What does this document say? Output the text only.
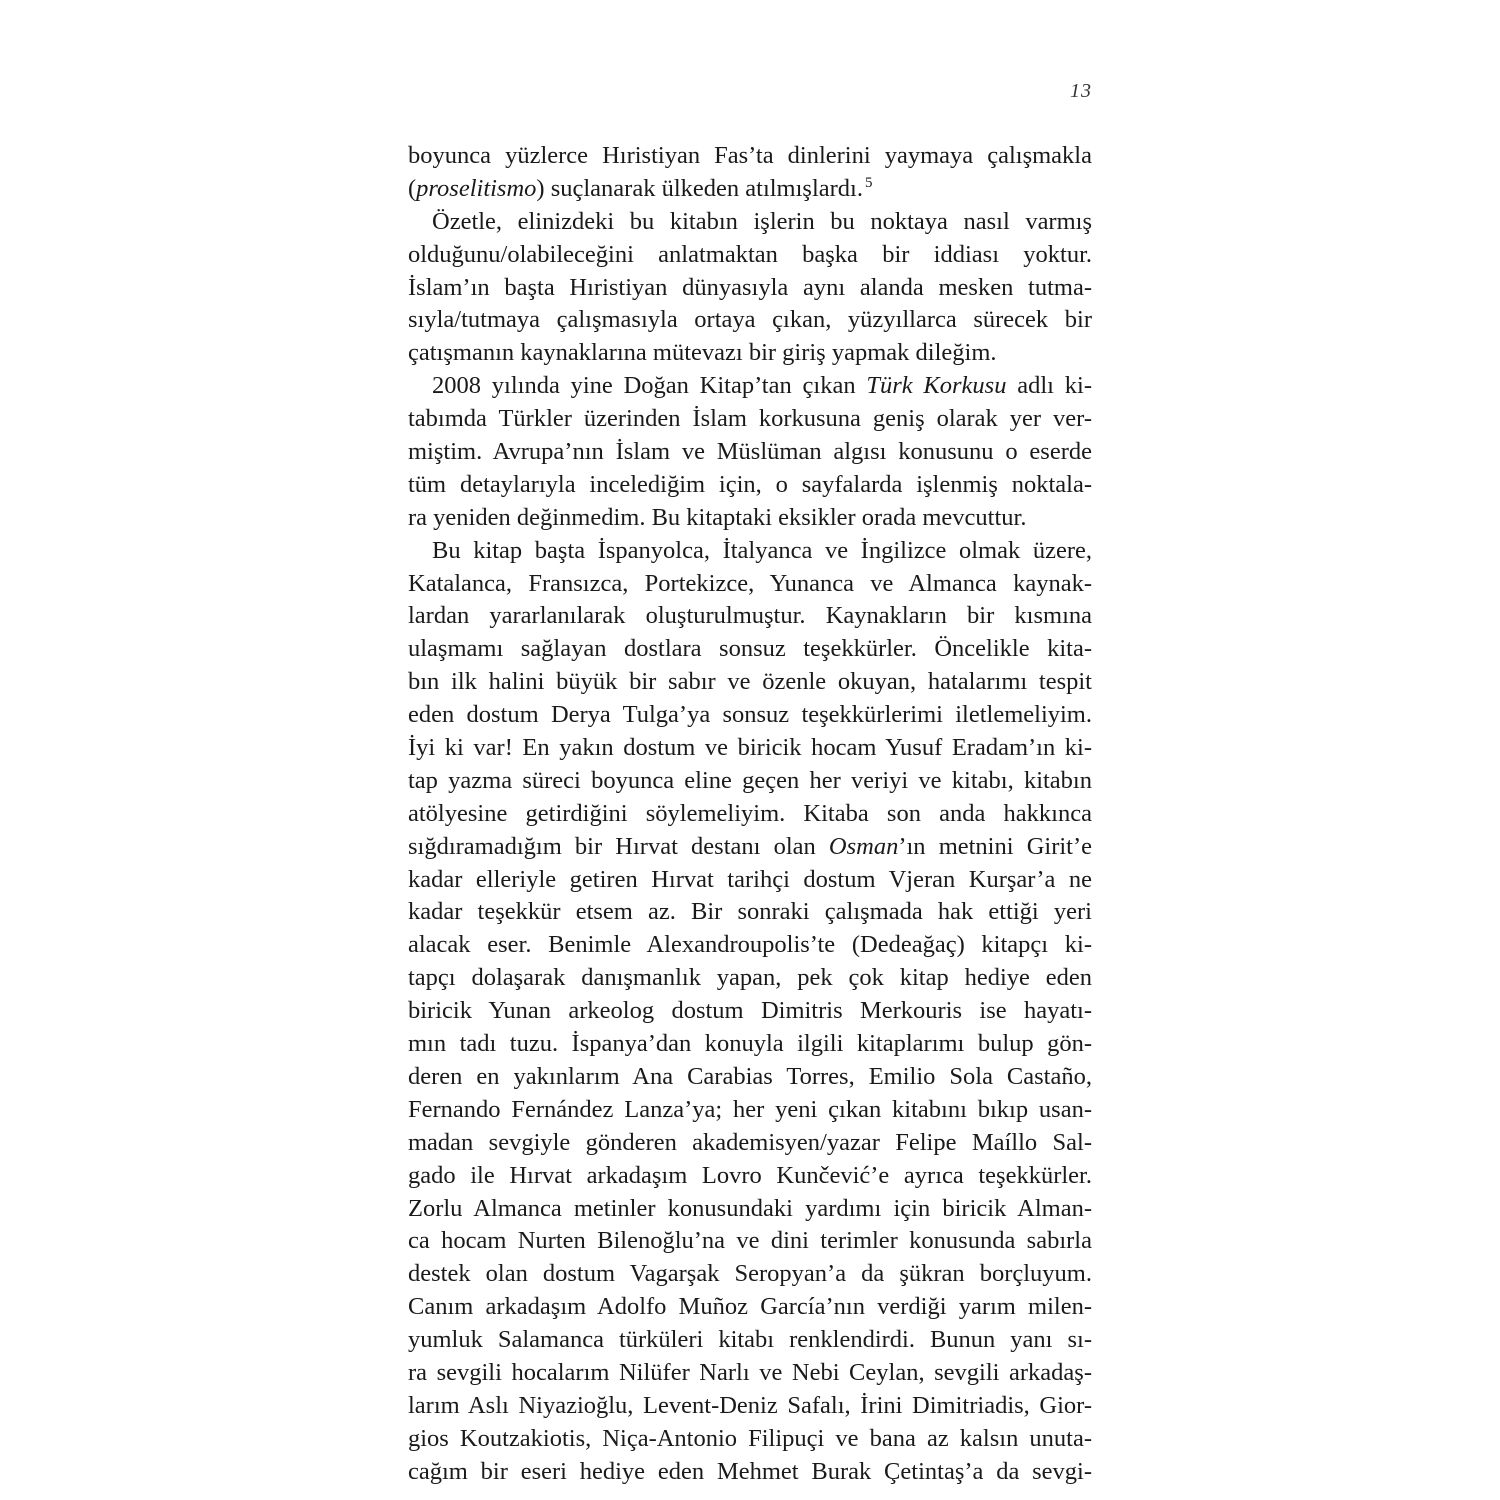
13
boyunca yüzlerce Hıristiyan Fas’ta dinlerini yaymaya çalışmakla
(proselitismo) suçlanarak ülkeden atılmışlardı. $^5$
Özetle, elinizdeki bu kitabın işlerin bu noktaya nasıl varmış
olduğunu/olabileceğini anlatmaktan başka bir iddiası yoktur.
İslam’ın başta Hıristiyan dünyasıyla aynı alanda mesken tutma-
sıyla/tutmaya çalışmasıyla ortaya çıkan, yüzyıllarca sürecek bir
çatışmanın kaynaklarına mütevazı bir giriş yapmak dileğim.
2008 yılında yine Doğan Kitap’tan çıkan Türk Korkusu adlı ki-
tabımda Türkler üzerinden İslam korkusuna geniş olarak yer ver-
miştim. Avrupa’nın İslam ve Müslüman algısı konusunu o eserde
tüm detaylarıyla incelediğim için, o sayfalarda işlenmiş noktala-
ra yeniden değinmedim. Bu kitaptaki eksikler orada mevcuttur.
Bu kitap başta İspanyolca, İtalyanca ve İngilizce olmak üzere,
Katalanca, Fransızca, Portekizce, Yunanca ve Almanca kaynak-
lardan yararlanılarak oluşturulmuştur. Kaynakların bir kısmına
ulaşmamı sağlayan dostlara sonsuz teşekkürler. Öncelikle kita-
bın ilk halini büyük bir sabır ve özenle okuyan, hatalarımı tespit
eden dostum Derya Tulga’ya sonsuz teşekkürlerimi iletlemeliyim.
İyi ki var! En yakın dostum ve biricik hocam Yusuf Eradam’ın ki-
tap yazma süreci boyunca eline geçen her veriyi ve kitabı, kitabın
atölyesine getirdiğini söylemeliyim. Kitaba son anda hakkınca
sığdıramadığım bir Hırvat destanı olan Osman’ın metnini Girit’e
kadar elleriyle getiren Hırvat tarihçi dostum Vjeran Kurşar’a ne
kadar teşekkür etsem az. Bir sonraki çalışmada hak ettiği yeri
alacak eser. Benimle Alexandroupolis’te (Dedeağaç) kitapçı ki-
tapçı dolaşarak danışmanlık yapan, pek çok kitap hediye eden
biricik Yunan arkeolog dostum Dimitris Merkouris ise hayatı-
mın tadı tuzu. İspanya’dan konuyla ilgili kitaplarımı bulup gön-
deren en yakınlarım Ana Carabias Torres, Emilio Sola Castaño,
Fernando Fernández Lanza’ya; her yeni çıkan kitabını bıkıp usan-
madan sevgiyle gönderen akademisyen/yazar Felipe Maíllo Sal-
gado ile Hırvat arkadaşım Lovro Kunčević’e ayrıca teşekkürler.
Zorlu Almanca metinler konusundaki yardımı için biricik Alman-
ca hocam Nurten Bilenoğlu’na ve dini terimler konusunda sabırla
destek olan dostum Vagarşak Seropyan’a da şükran borçluyum.
Canım arkadaşım Adolfo Muñoz García’nın verdiği yarım milen-
yumluk Salamanca türküleri kitabı renklendirdi. Bunun yanı sı-
ra sevgili hocalarım Nilüfer Narlı ve Nebi Ceylan, sevgili arkadaş-
larım Aslı Niyazioğlu, Levent-Deniz Safalı, İrini Dimitriadis, Gior-
gios Koutzakiotis, Niça-Antonio Filipuçi ve bana az kalsın unuta-
cağım bir eseri hediye eden Mehmet Burak Çetintaş’a da sevgi-
